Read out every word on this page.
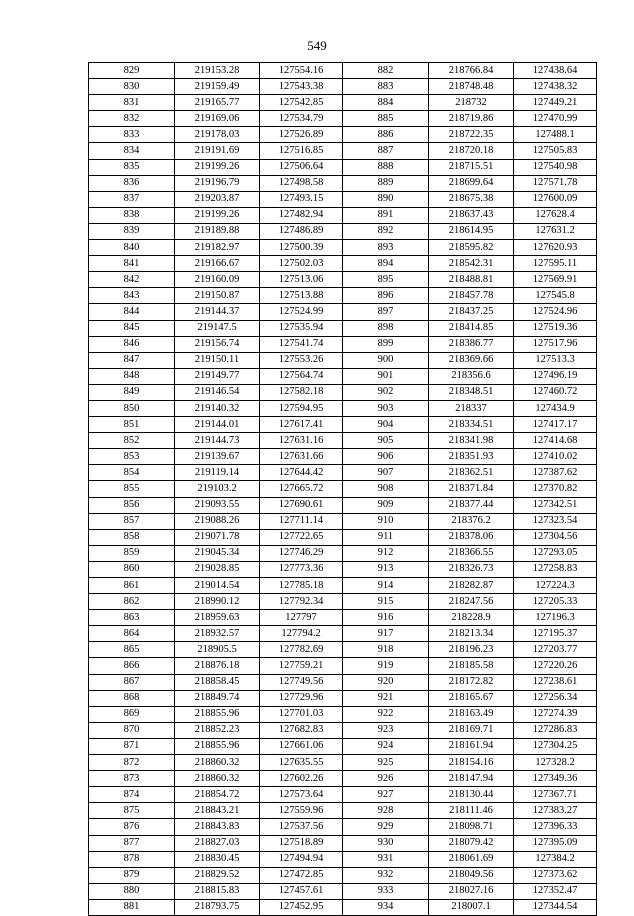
549
829	219153.28	127554.16	882	218766.84	127438.64
830	219159.49	127543.38	883	218748.48	127438.32
831	219165.77	127542.85	884	218732	127449.21
832	219169.06	127534.79	885	218719.86	127470.99
833	219178.03	127526.89	886	218722.35	127488.1
834	219191.69	127516.85	887	218720.18	127505.83
835	219199.26	127506.64	888	218715.51	127540.98
836	219196.79	127498.58	889	218699.64	127571.78
837	219203.87	127493.15	890	218675.38	127600.09
838	219199.26	127482.94	891	218637.43	127628.4
839	219189.88	127486.89	892	218614.95	127631.2
840	219182.97	127500.39	893	218595.82	127620.93
841	219166.67	127502.03	894	218542.31	127595.11
842	219160.09	127513.06	895	218488.81	127569.91
843	219150.87	127513.88	896	218457.78	127545.8
844	219144.37	127524.99	897	218437.25	127524.96
845	219147.5	127535.94	898	218414.85	127519.36
846	219156.74	127541.74	899	218386.77	127517.96
847	219150.11	127553.26	900	218369.66	127513.3
848	219149.77	127564.74	901	218356.6	127496.19
849	219146.54	127582.18	902	218348.51	127460.72
850	219140.32	127594.95	903	218337	127434.9
851	219144.01	127617.41	904	218334.51	127417.17
852	219144.73	127631.16	905	218341.98	127414.68
853	219139.67	127631.66	906	218351.93	127410.02
854	219119.14	127644.42	907	218362.51	127387.62
855	219103.2	127665.72	908	218371.84	127370.82
856	219093.55	127690.61	909	218377.44	127342.51
857	219088.26	127711.14	910	218376.2	127323.54
858	219071.78	127722.65	911	218378.06	127304.56
859	219045.34	127746.29	912	218366.55	127293.05
860	219028.85	127773.36	913	218326.73	127258.83
861	219014.54	127785.18	914	218282.87	127224.3
862	218990.12	127792.34	915	218247.56	127205.33
863	218959.63	127797	916	218228.9	127196.3
864	218932.57	127794.2	917	218213.34	127195.37
865	218905.5	127782.69	918	218196.23	127203.77
866	218876.18	127759.21	919	218185.58	127220.26
867	218858.45	127749.56	920	218172.82	127238.61
868	218849.74	127729.96	921	218165.67	127256.34
869	218855.96	127701.03	922	218163.49	127274.39
870	218852.23	127682.83	923	218169.71	127286.83
871	218855.96	127661.06	924	218161.94	127304.25
872	218860.32	127635.55	925	218154.16	127328.2
873	218860.32	127602.26	926	218147.94	127349.36
874	218854.72	127573.64	927	218130.44	127367.71
875	218843.21	127559.96	928	218111.46	127383.27
876	218843.83	127537.56	929	218098.71	127396.33
877	218827.03	127518.89	930	218079.42	127395.09
878	218830.45	127494.94	931	218061.69	127384.2
879	218829.52	127472.85	932	218049.56	127373.62
880	218815.83	127457.61	933	218027.16	127352.47
881	218793.75	127452.95	934	218007.1	127344.54
